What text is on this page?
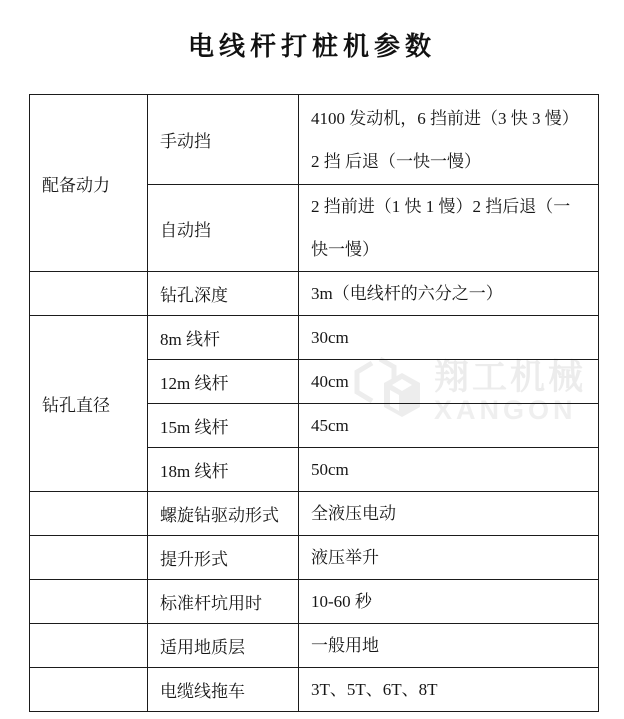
电线杆打桩机参数
翔工机械
XANGON
配备动力	手动挡	4100 发动机，6 挡前进（3 快 3 慢）
2 挡 后退（一快一慢）

	自动挡	2 挡前进（1 快 1 慢）2 挡后退（一
快一慢）

	钻孔深度	3m（电线杆的六分之一）

钻孔直径	8m 线杆	30cm

	12m 线杆	40cm

	15m 线杆	45cm

	18m 线杆	50cm

	螺旋钻驱动形式	全液压电动

	提升形式	液压举升

	标准杆坑用时	10-60 秒

	适用地质层	一般用地

	电缆线拖车	3T、5T、6T、8T
